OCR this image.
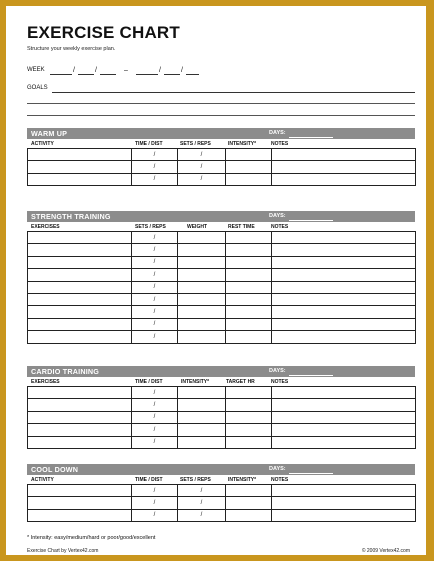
EXERCISE CHART
Structure your weekly exercise plan.
WEEK	/	/	–	/	/
GOALS
WARM UP	DAYS:
ACTIVITY	TIME / DIST	SETS / REPS	INTENSITY*	NOTES
	/	/		
	/	/		
	/	/		
STRENGTH TRAINING	DAYS:
EXERCISES	SETS / REPS	WEIGHT	REST TIME	NOTES
	/			
	/			
	/			
	/			
	/			
	/			
	/			
	/			
	/			
CARDIO TRAINING	DAYS:
EXERCISES	TIME / DIST	INTENSITY*	TARGET HR	NOTES
	/			
	/			
	/			
	/			
	/			
COOL DOWN	DAYS:
ACTIVITY	TIME / DIST	SETS / REPS	INTENSITY*	NOTES
	/	/		
	/	/		
	/	/		
* Intensity: easy/medium/hard or poor/good/excellent
Exercise Chart by Vertex42.com	© 2009 Vertex42.com
